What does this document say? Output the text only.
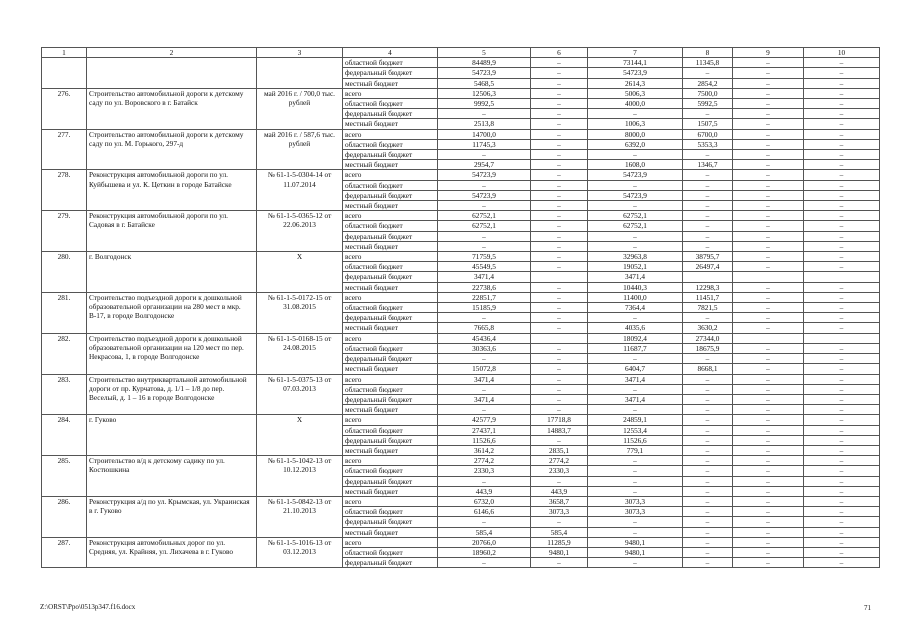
1	2	3	4	5	6	7	8	9	10
			областной бюджет	84489,9	–	73144,1	11345,8	–	–
			федеральный бюджет	54723,9	–	54723,9	–	–	–
			местный бюджет	5468,5	–	2614,3	2854,2	–	–
276.	Строительство автомобильной дороги к детскому саду по ул. Воровского в г. Батайск	май 2016 г. / 700,0 тыс. рублей	всего	12506,3	–	5006,3	7500,0	–	–
			областной бюджет	9992,5	–	4000,0	5992,5	–	–
			федеральный бюджет	–	–	–	–	–	–
			местный бюджет	2513,8	–	1006,3	1507,5	–	–
277.	Строительство автомобильной дороги к детскому саду по ул. М. Горького, 297-д	май 2016 г. / 587,6 тыс. рублей	всего	14700,0	–	8000,0	6700,0	–	–
			областной бюджет	11745,3	–	6392,0	5353,3	–	–
			федеральный бюджет	–	–	–	–	–	–
			местный бюджет	2954,7	–	1608,0	1346,7	–	–
278.	Реконструкция автомобильной дороги по ул. Куйбышева и ул. К. Цеткин в городе Батайске	№ 61-1-5-0304-14 от 11.07.2014	всего	54723,9	–	54723,9	–	–	–
			областной бюджет	–	–	–	–	–	–
			федеральный бюджет	54723,9	–	54723,9	–	–	–
			местный бюджет	–	–	–	–	–	–
279.	Реконструкция автомобильной дороги по ул. Садовая в г. Батайске	№ 61-1-5-0365-12 от 22.06.2013	всего	62752,1	–	62752,1	–	–	–
			областной бюджет	62752,1	–	62752,1	–	–	–
			федеральный бюджет	–	–	–	–	–	–
			местный бюджет	–	–	–	–	–	–
280.	г. Волгодонск	Х	всего	71759,5	–	32963,8	38795,7	–	–
			областной бюджет	45549,5	–	19052,1	26497,4	–	–
			федеральный бюджет	3471,4		3471,4			
			местный бюджет	22738,6	–	10440,3	12298,3	–	–
281.	Строительство подъездной дороги к дошкольной образовательной организации на 280 мест в мкр. В-17, в городе Волгодонске	№ 61-1-5-0172-15 от 31.08.2015	всего	22851,7	–	11400,0	11451,7	–	–
			областной бюджет	15185,9	–	7364,4	7821,5	–	–
			федеральный бюджет	–	–	–	–	–	–
			местный бюджет	7665,8	–	4035,6	3630,2	–	–
282.	Строительство подъездной дороги к дошкольной образовательной организации на 120 мест по пер. Некрасова, 1, в городе Волгодонске	№ 61-1-5-0168-15 от 24.08.2015	всего	45436,4		18092,4	27344,0		
			областной бюджет	30363,6	–	11687,7	18675,9	–	–
			федеральный бюджет	–	–	–	–	–	–
			местный бюджет	15072,8	–	6404,7	8668,1	–	–
283.	Строительство внутриквартальной автомобильной дороги от пр. Курчатова, д. 1/1 – 1/8 до пер. Веселый, д. 1 – 16 в городе Волгодонске	№ 61-1-5-0375-13 от 07.03.2013	всего	3471,4	–	3471,4	–	–	–
			областной бюджет	–	–	–	–	–	–
			федеральный бюджет	3471,4	–	3471,4	–	–	–
			местный бюджет	–	–	–	–	–	–
284.	г. Гуково	Х	всего	42577,9	17718,8	24859,1	–	–	–
			областной бюджет	27437,1	14883,7	12553,4	–	–	–
			федеральный бюджет	11526,6	–	11526,6	–	–	–
			местный бюджет	3614,2	2835,1	779,1	–	–	–
285.	Строительство в/д к детскому садику по ул. Костюшкина	№ 61-1-5-1042-13 от 10.12.2013	всего	2774,2	2774,2	–	–	–	–
			областной бюджет	2330,3	2330,3	–	–	–	–
			федеральный бюджет	–	–	–	–	–	–
			местный бюджет	443,9	443,9	–	–	–	–
286.	Реконструкция а/д по ул. Крымская, ул. Украинская в г. Гуково	№ 61-1-5-0842-13 от 21.10.2013	всего	6732,0	3658,7	3073,3	–	–	–
			областной бюджет	6146,6	3073,3	3073,3	–	–	–
			федеральный бюджет	–	–	–	–	–	–
			местный бюджет	585,4	585,4	–	–	–	–
287.	Реконструкция автомобильных дорог по ул. Средняя, ул. Крайняя, ул. Лихачева в г. Гуково	№ 61-1-5-1016-13 от 03.12.2013	всего	20766,0	11285,9	9480,1	–	–	–
			областной бюджет	18960,2	9480,1	9480,1	–	–	–
			федеральный бюджет	–	–	–	–	–	–
Z:\ORST\Ppo\0513p347.f16.docx	71
